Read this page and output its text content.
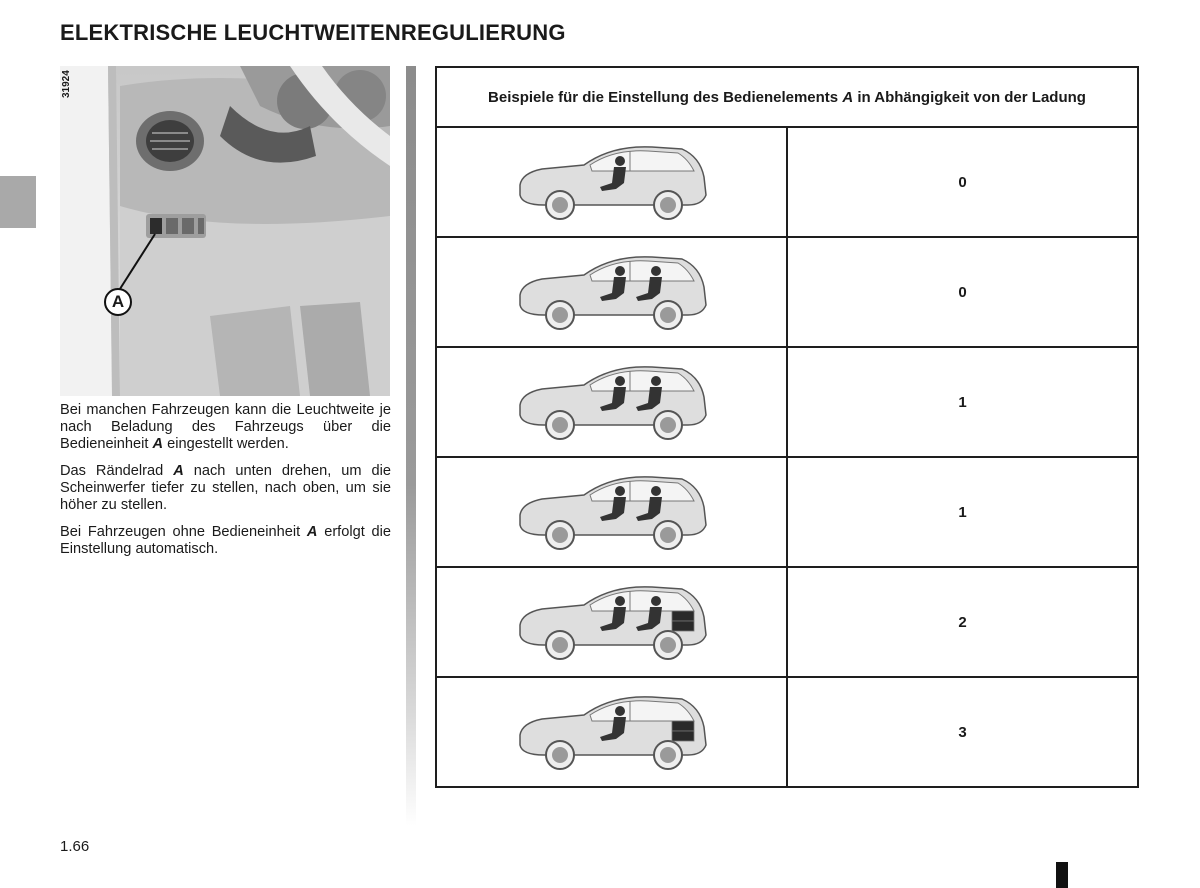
ELEKTRISCHE LEUCHTWEITENREGULIERUNG
31924
A

Bei manchen Fahrzeugen kann die Leuchtweite je nach Beladung des Fahrzeugs über die Bedieneinheit A eingestellt werden.

Das Rändelrad A nach unten drehen, um die Scheinwerfer tiefer zu stellen, nach oben, um sie höher zu stellen.

Bei Fahrzeugen ohne Bedieneinheit A erfolgt die Einstellung automatisch.

Beispiele für die Einstellung des Bedienelements A in Abhängigkeit von der Ladung	

	0

	0

	1

	1

	2

	3
1.66
